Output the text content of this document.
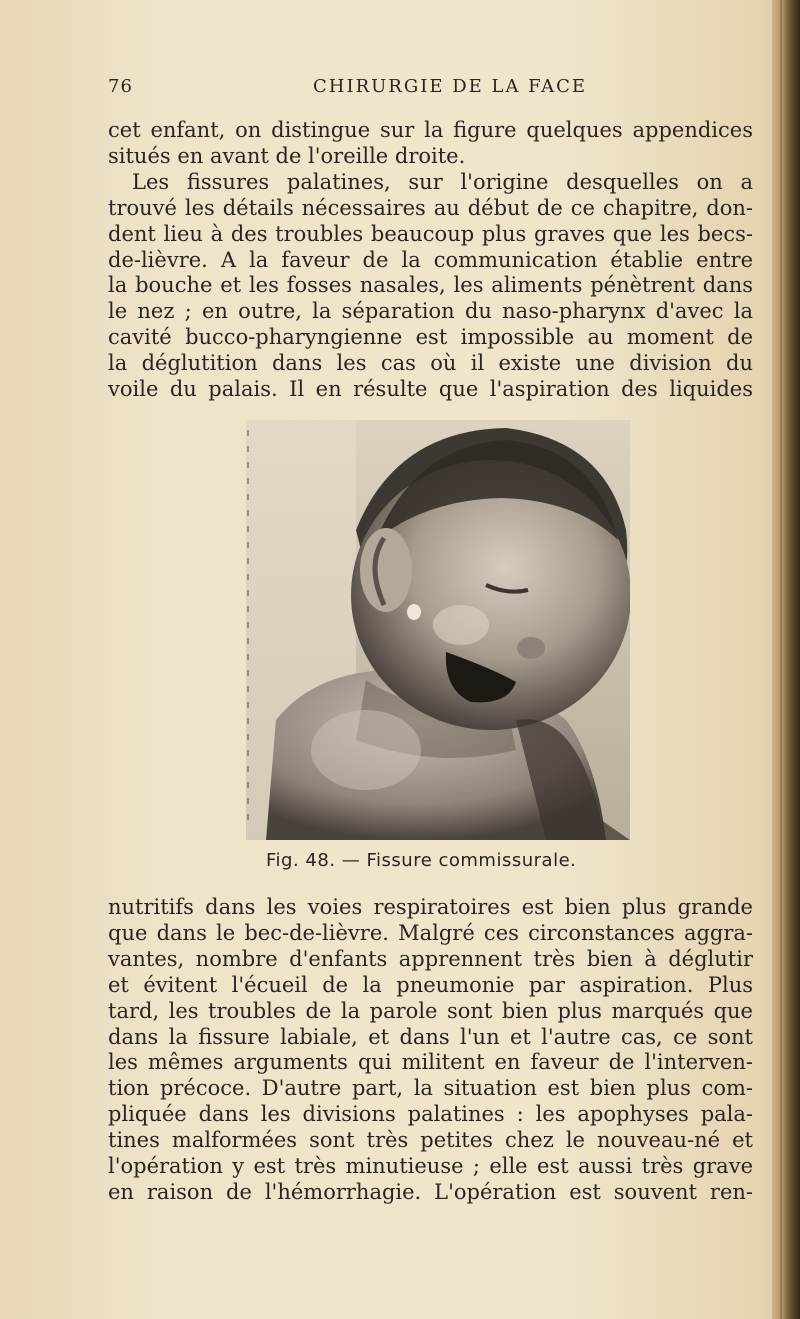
76	CHIRURGIE DE LA FACE

cet enfant, on distingue sur la figure quelques appendices
situés en avant de l'oreille droite.
Les fissures palatines, sur l'origine desquelles on a
trouvé les détails nécessaires au début de ce chapitre, don-
dent lieu à des troubles beaucoup plus graves que les becs-
de-lièvre. A la faveur de la communication établie entre
la bouche et les fosses nasales, les aliments pénètrent dans
le nez ; en outre, la séparation du naso-pharynx d'avec la
cavité bucco-pharyngienne est impossible au moment de
la déglutition dans les cas où il existe une division du
voile du palais. Il en résulte que l'aspiration des liquides

Fig. 48. — Fissure commissurale.

nutritifs dans les voies respiratoires est bien plus grande
que dans le bec-de-lièvre. Malgré ces circonstances aggra-
vantes, nombre d'enfants apprennent très bien à déglutir
et évitent l'écueil de la pneumonie par aspiration. Plus
tard, les troubles de la parole sont bien plus marqués que
dans la fissure labiale, et dans l'un et l'autre cas, ce sont
les mêmes arguments qui militent en faveur de l'interven-
tion précoce. D'autre part, la situation est bien plus com-
pliquée dans les divisions palatines : les apophyses pala-
tines malformées sont très petites chez le nouveau-né et
l'opération y est très minutieuse ; elle est aussi très grave
en raison de l'hémorrhagie. L'opération est souvent ren-
